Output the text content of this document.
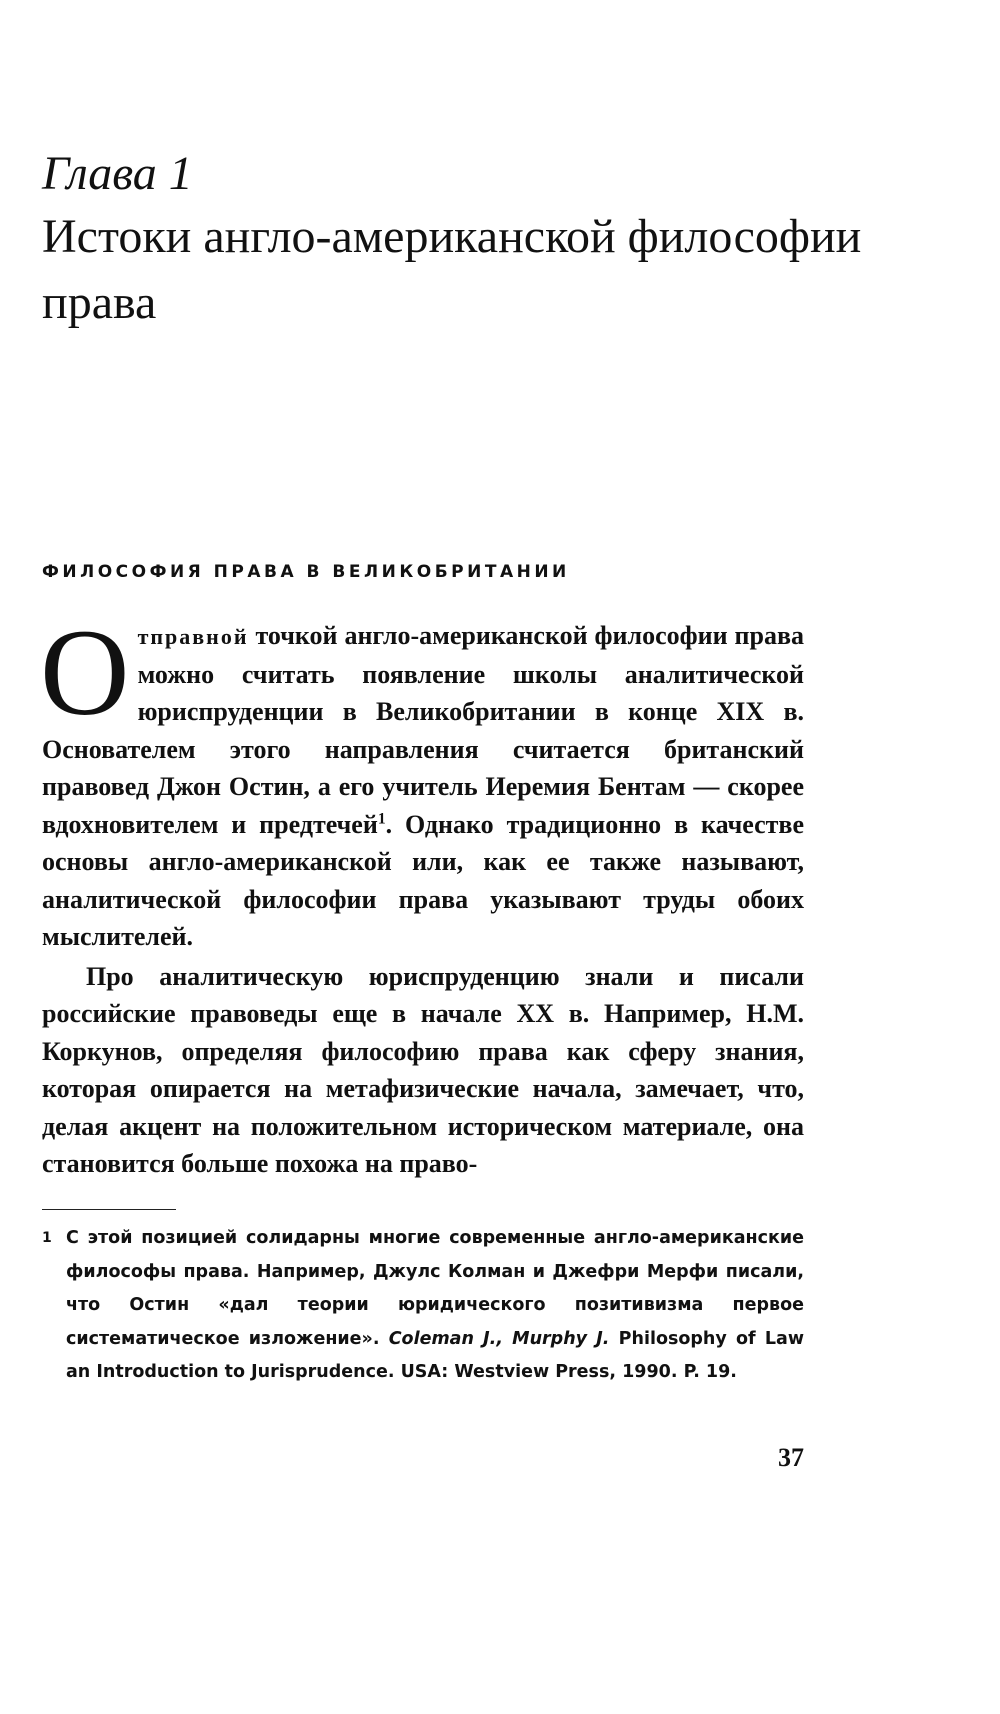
Глава 1
Истоки англо-американской философии права
ФИЛОСОФИЯ ПРАВА В ВЕЛИКОБРИТАНИИ

Отправной точкой англо-американской философии права можно считать появление школы аналитической юриспруденции в Великобритании в конце XIX в. Основателем этого направления считается британский правовед Джон Остин, а его учитель Иеремия Бентам — скорее вдохновителем и предтечей$^1$. Однако традиционно в качестве основы англо-американской или, как ее также называют, аналитической философии права указывают труды обоих мыслителей.

Про аналитическую юриспруденцию знали и писали российские правоведы еще в начале XX в. Например, Н.М. Коркунов, определяя философию права как сферу знания, которая опирается на метафизические начала, замечает, что, делая акцент на положительном историческом материале, она становится больше похожа на право-

1 С этой позицией солидарны многие современные англо-американские философы права. Например, Джулс Колман и Джефри Мерфи писали, что Остин «дал теории юридического позитивизма первое систематическое изложение». Coleman J., Murphy J. Philosophy of Law an Introduction to Jurisprudence. USA: Westview Press, 1990. P. 19.
37
